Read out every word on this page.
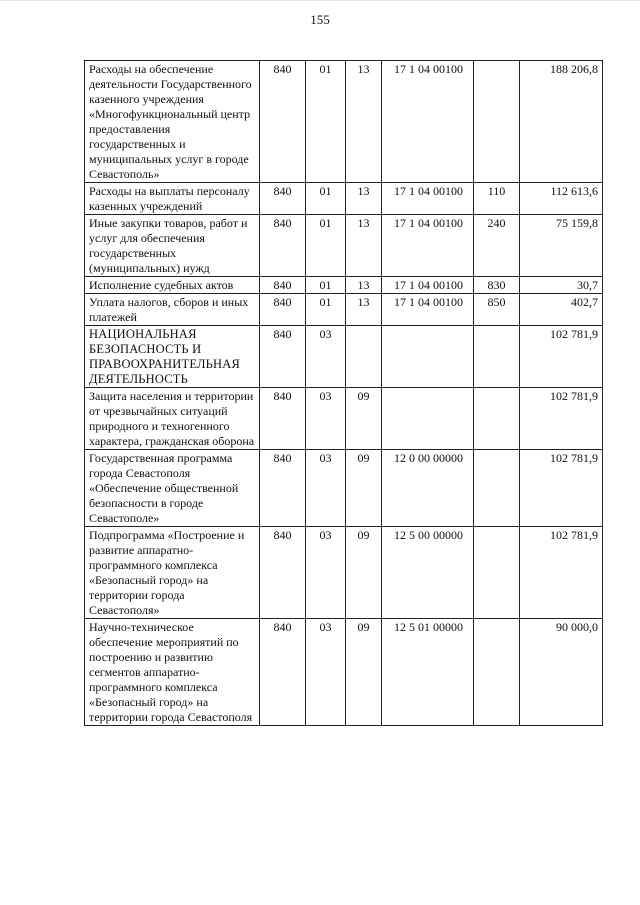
155
Расходы на обеспечение деятельности Государственного казенного учреждения «Многофункциональный центр предоставления государственных и муниципальных услуг в городе Севастополь»	840	01	13	17 1 04 00100		188 206,8
Расходы на выплаты персоналу казенных учреждений	840	01	13	17 1 04 00100	110	112 613,6
Иные закупки товаров, работ и услуг для обеспечения государственных (муниципальных) нужд	840	01	13	17 1 04 00100	240	75 159,8
Исполнение судебных актов	840	01	13	17 1 04 00100	830	30,7
Уплата налогов, сборов и иных платежей	840	01	13	17 1 04 00100	850	402,7
НАЦИОНАЛЬНАЯ БЕЗОПАСНОСТЬ И ПРАВООХРАНИТЕЛЬНАЯ ДЕЯТЕЛЬНОСТЬ	840	03				102 781,9
Защита населения и территории от чрезвычайных ситуаций природного и техногенного характера, гражданская оборона	840	03	09			102 781,9
Государственная программа города Севастополя «Обеспечение общественной безопасности в городе Севастополе»	840	03	09	12 0 00 00000		102 781,9
Подпрограмма «Построение и развитие аппаратно-программного комплекса «Безопасный город» на территории города Севастополя»	840	03	09	12 5 00 00000		102 781,9
Научно-техническое обеспечение мероприятий по построению и развитию сегментов аппаратно-программного комплекса «Безопасный город» на территории города Севастополя	840	03	09	12 5 01 00000		90 000,0
